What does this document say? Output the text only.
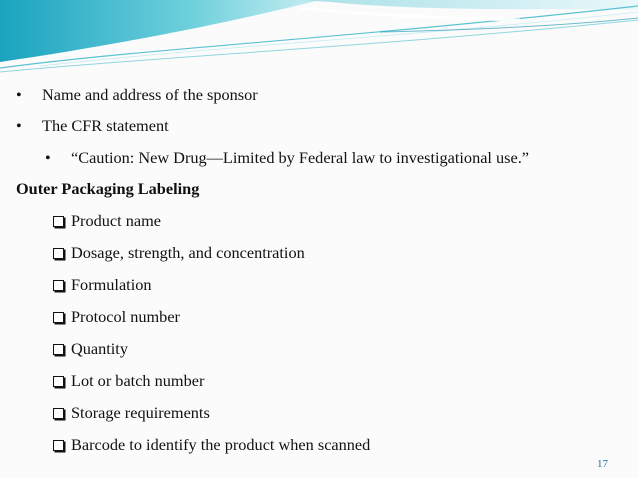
• Name and address of the sponsor
• The CFR statement
• “Caution: New Drug—Limited by Federal law to investigational use.”
Outer Packaging Labeling
Product name
Dosage, strength, and concentration
Formulation
Protocol number
Quantity
Lot or batch number
Storage requirements
Barcode to identify the product when scanned
17
